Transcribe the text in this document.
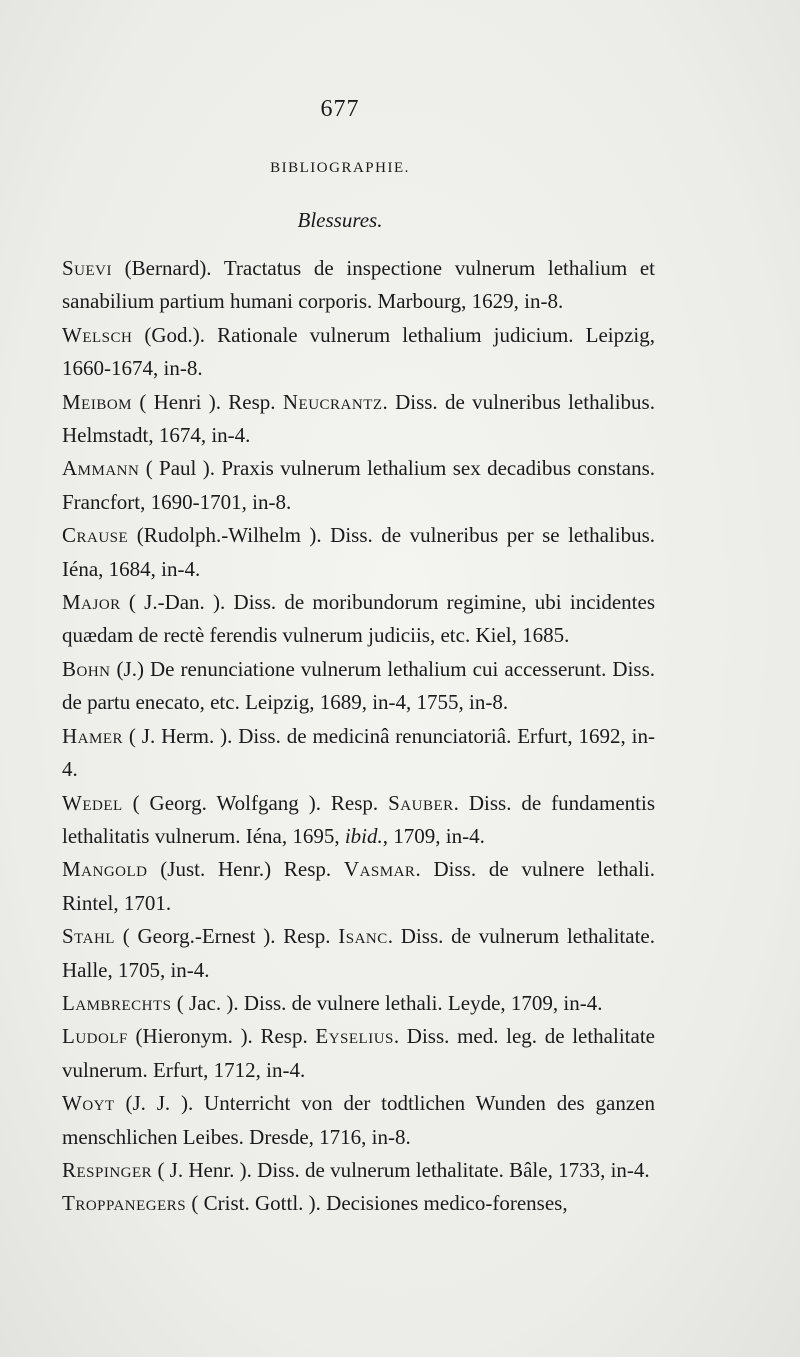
677
BIBLIOGRAPHIE.
Blessures.

Suevi (Bernard). Tractatus de inspectione vulnerum lethalium et sanabilium partium humani corporis. Marbourg, 1629, in-8.

Welsch (God.). Rationale vulnerum lethalium judicium. Leipzig, 1660-1674, in-8.

Meibom ( Henri ). Resp. Neucrantz. Diss. de vulneribus lethalibus. Helmstadt, 1674, in-4.

Ammann ( Paul ). Praxis vulnerum lethalium sex decadibus constans. Francfort, 1690-1701, in-8.

Crause (Rudolph.-Wilhelm ). Diss. de vulneribus per se lethalibus. Iéna, 1684, in-4.

Major ( J.-Dan. ). Diss. de moribundorum regimine, ubi incidentes quædam de rectè ferendis vulnerum judiciis, etc. Kiel, 1685.

Bohn (J.) De renunciatione vulnerum lethalium cui accesserunt. Diss. de partu enecato, etc. Leipzig, 1689, in-4, 1755, in-8.

Hamer ( J. Herm. ). Diss. de medicinâ renunciatoriâ. Erfurt, 1692, in-4.

Wedel ( Georg. Wolfgang ). Resp. Sauber. Diss. de fundamentis lethalitatis vulnerum. Iéna, 1695, ibid., 1709, in-4.

Mangold (Just. Henr.) Resp. Vasmar. Diss. de vulnere lethali. Rintel, 1701.

Stahl ( Georg.-Ernest ). Resp. Isanc. Diss. de vulnerum lethalitate. Halle, 1705, in-4.

Lambrechts ( Jac. ). Diss. de vulnere lethali. Leyde, 1709, in-4.

Ludolf (Hieronym. ). Resp. Eyselius. Diss. med. leg. de lethalitate vulnerum. Erfurt, 1712, in-4.

Woyt (J. J. ). Unterricht von der todtlichen Wunden des ganzen menschlichen Leibes. Dresde, 1716, in-8.

Respinger ( J. Henr. ). Diss. de vulnerum lethalitate. Bâle, 1733, in-4.

Troppanegers ( Crist. Gottl. ). Decisiones medico-forenses,
